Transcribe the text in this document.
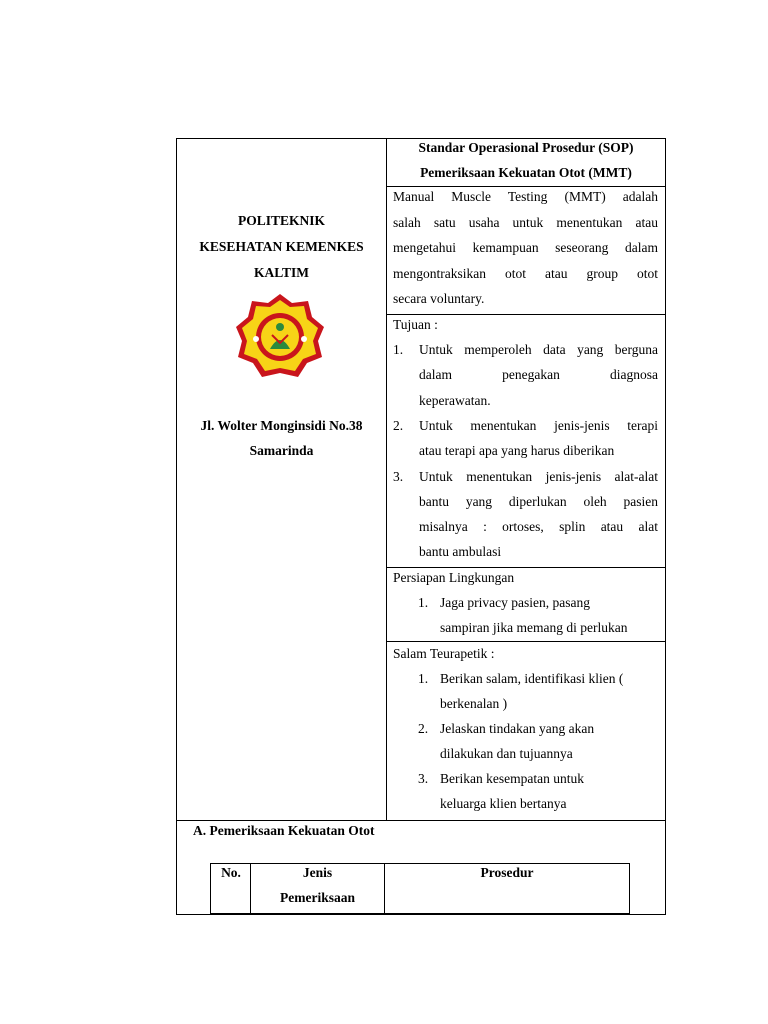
POLITEKNIK
KESEHATAN KEMENKES
KALTIM
Jl. Wolter Monginsidi No.38
Samarinda
Standar Operasional Prosedur (SOP)
Pemeriksaan Kekuatan Otot (MMT)
Manual Muscle Testing (MMT) adalah
salah satu usaha untuk menentukan atau
mengetahui kemampuan seseorang dalam
mengontraksikan otot atau group otot
secara voluntary.
Tujuan :
1. Untuk memperoleh data yang berguna
dalam penegakan diagnosa
keperawatan.
2. Untuk menentukan jenis-jenis terapi
atau terapi apa yang harus diberikan
3. Untuk menentukan jenis-jenis alat-alat
bantu yang diperlukan oleh pasien
misalnya : ortoses, splin atau alat
bantu ambulasi
Persiapan Lingkungan
1. Jaga privacy pasien, pasang
sampiran jika memang di perlukan
Salam Teurapetik :
1. Berikan salam, identifikasi klien (
berkenalan )
2. Jelaskan tindakan yang akan
dilakukan dan tujuannya
3. Berikan kesempatan untuk
keluarga klien bertanya
A. Pemeriksaan Kekuatan Otot
No.	Jenis
Pemeriksaan
Prosedur
